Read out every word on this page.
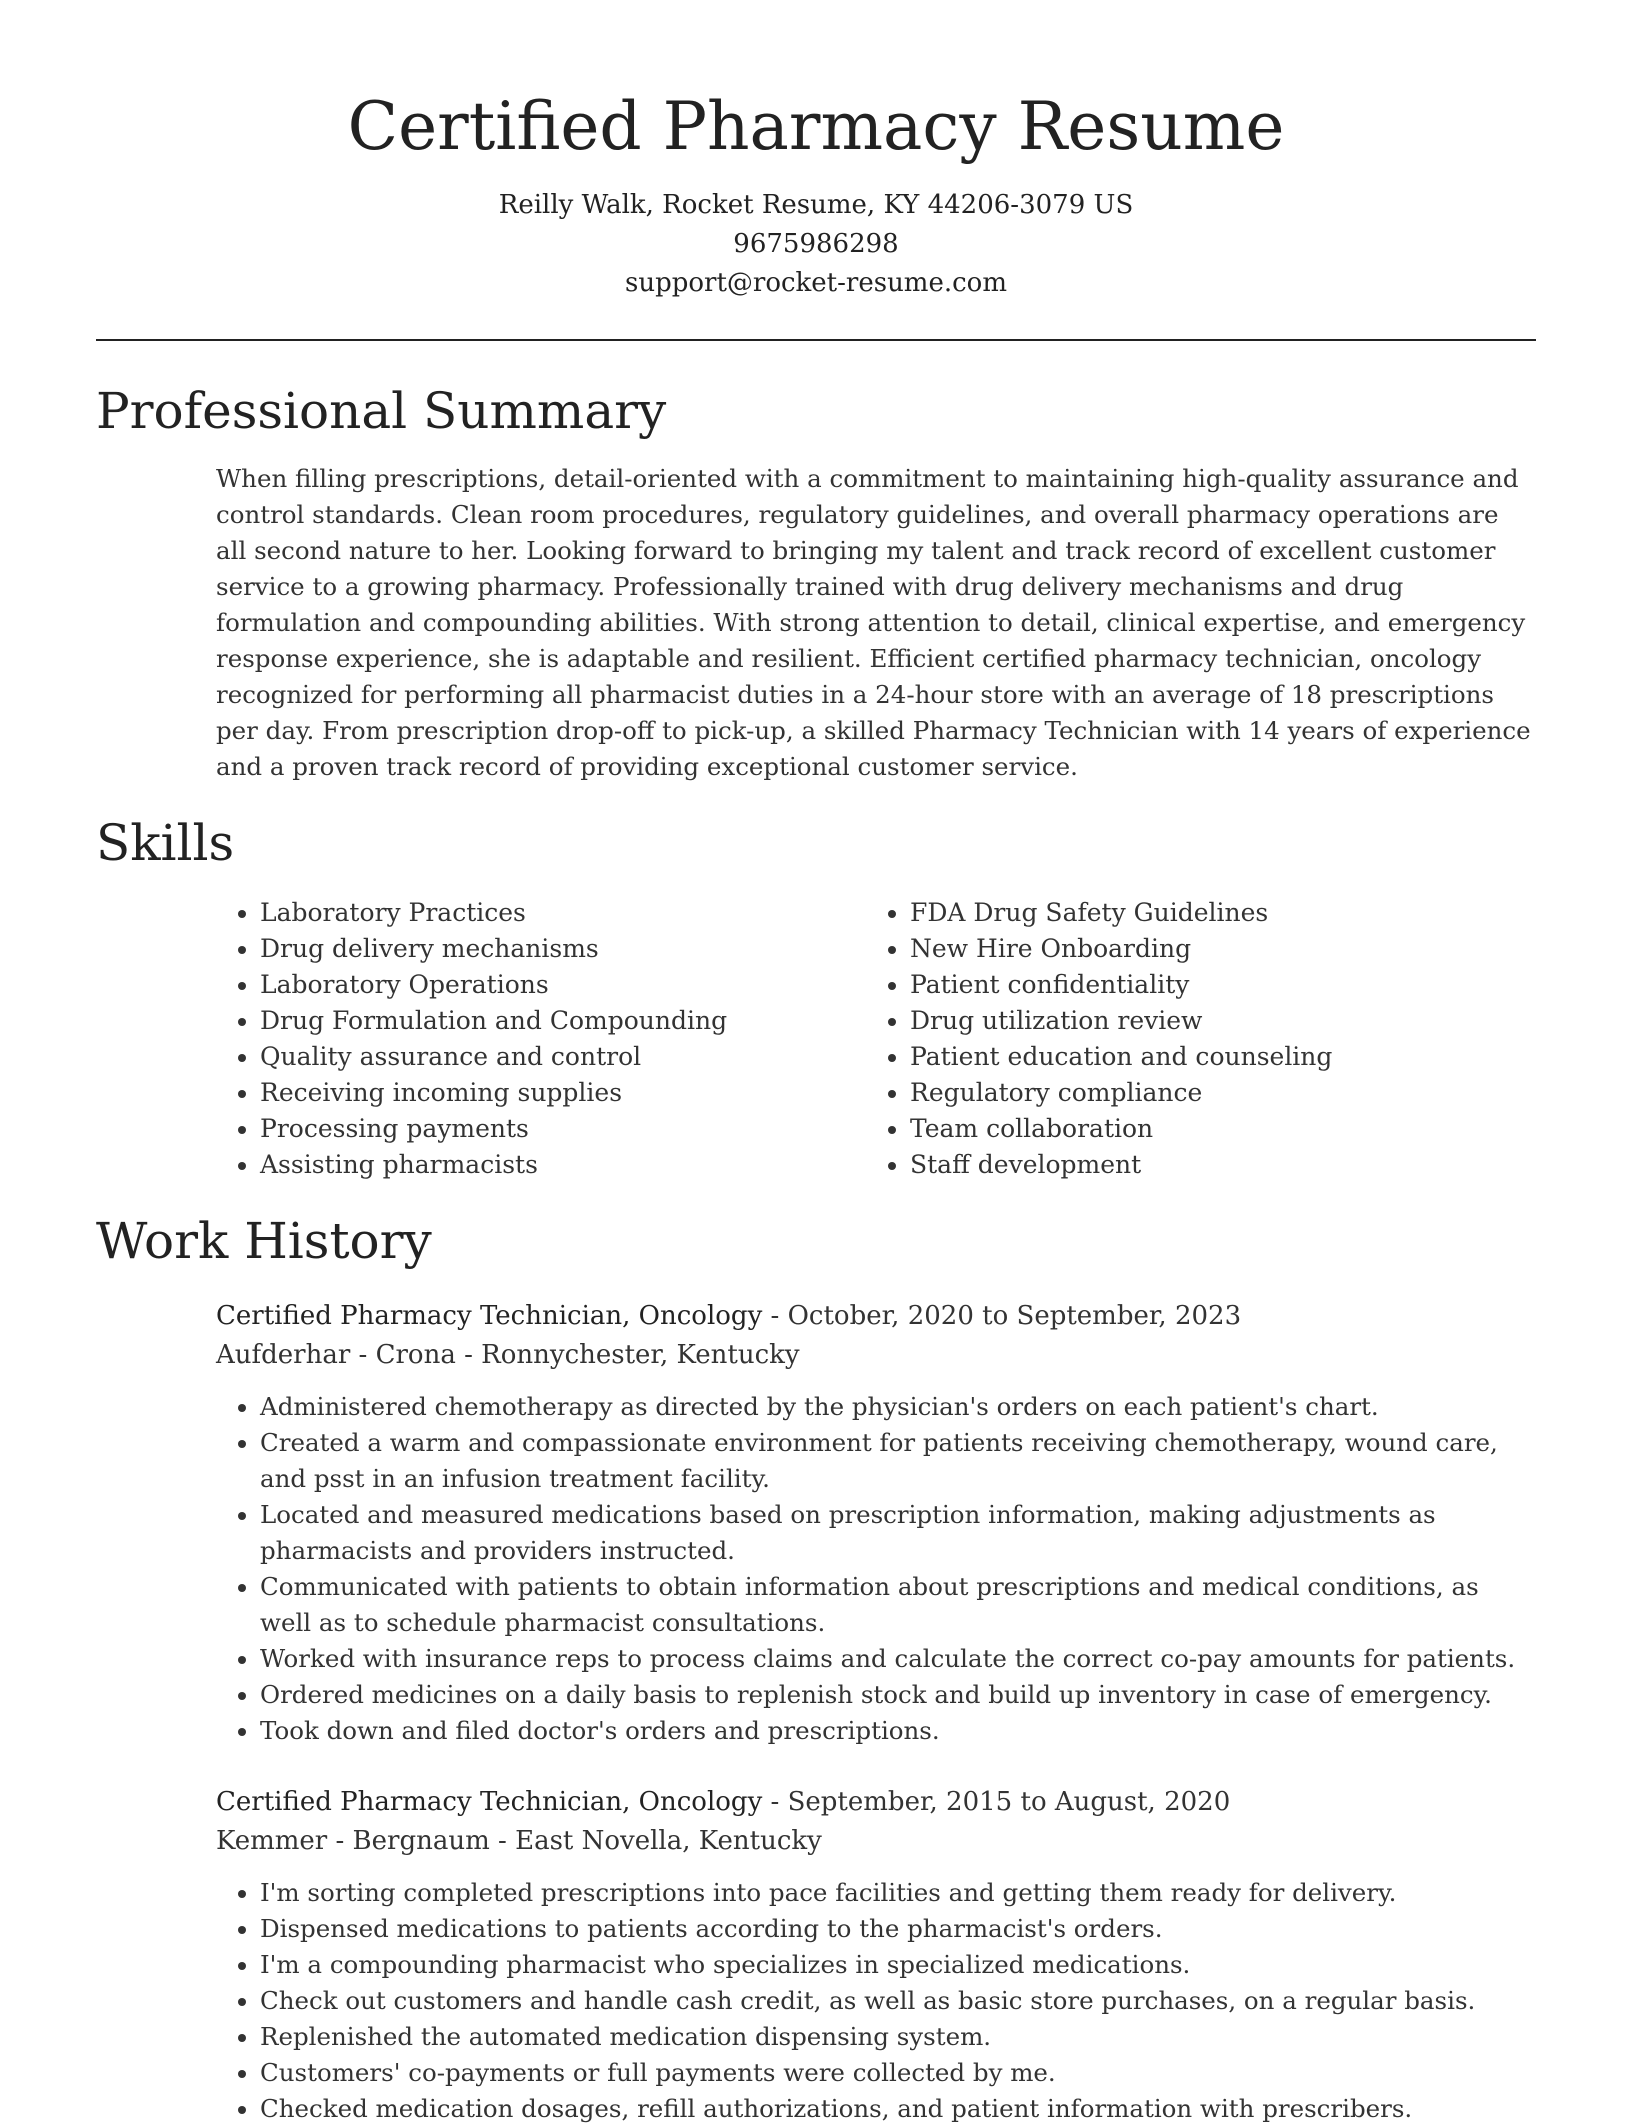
Certified Pharmacy Resume
Reilly Walk, Rocket Resume, KY 44206-3079 US
9675986298
support@rocket-resume.com
Professional Summary
When filling prescriptions, detail-oriented with a commitment to maintaining high-quality assurance and control standards. Clean room procedures, regulatory guidelines, and overall pharmacy operations are all second nature to her. Looking forward to bringing my talent and track record of excellent customer service to a growing pharmacy. Professionally trained with drug delivery mechanisms and drug formulation and compounding abilities. With strong attention to detail, clinical expertise, and emergency response experience, she is adaptable and resilient. Efficient certified pharmacy technician, oncology recognized for performing all pharmacist duties in a 24-hour store with an average of 18 prescriptions per day. From prescription drop-off to pick-up, a skilled Pharmacy Technician with 14 years of experience and a proven track record of providing exceptional customer service.
Skills
• Laboratory Practices
• Drug delivery mechanisms
• Laboratory Operations
• Drug Formulation and Compounding
• Quality assurance and control
• Receiving incoming supplies
• Processing payments
• Assisting pharmacists
• FDA Drug Safety Guidelines
• New Hire Onboarding
• Patient confidentiality
• Drug utilization review
• Patient education and counseling
• Regulatory compliance
• Team collaboration
• Staff development
Work History
Certified Pharmacy Technician, Oncology - October, 2020 to September, 2023
Aufderhar - Crona - Ronnychester, Kentucky
• Administered chemotherapy as directed by the physician's orders on each patient's chart.
• Created a warm and compassionate environment for patients receiving chemotherapy, wound care, and psst in an infusion treatment facility.
• Located and measured medications based on prescription information, making adjustments as pharmacists and providers instructed.
• Communicated with patients to obtain information about prescriptions and medical conditions, as well as to schedule pharmacist consultations.
• Worked with insurance reps to process claims and calculate the correct co-pay amounts for patients.
• Ordered medicines on a daily basis to replenish stock and build up inventory in case of emergency.
• Took down and filed doctor's orders and prescriptions.
Certified Pharmacy Technician, Oncology - September, 2015 to August, 2020
Kemmer - Bergnaum - East Novella, Kentucky
• I'm sorting completed prescriptions into pace facilities and getting them ready for delivery.
• Dispensed medications to patients according to the pharmacist's orders.
• I'm a compounding pharmacist who specializes in specialized medications.
• Check out customers and handle cash credit, as well as basic store purchases, on a regular basis.
• Replenished the automated medication dispensing system.
• Customers' co-payments or full payments were collected by me.
• Checked medication dosages, refill authorizations, and patient information with prescribers.
